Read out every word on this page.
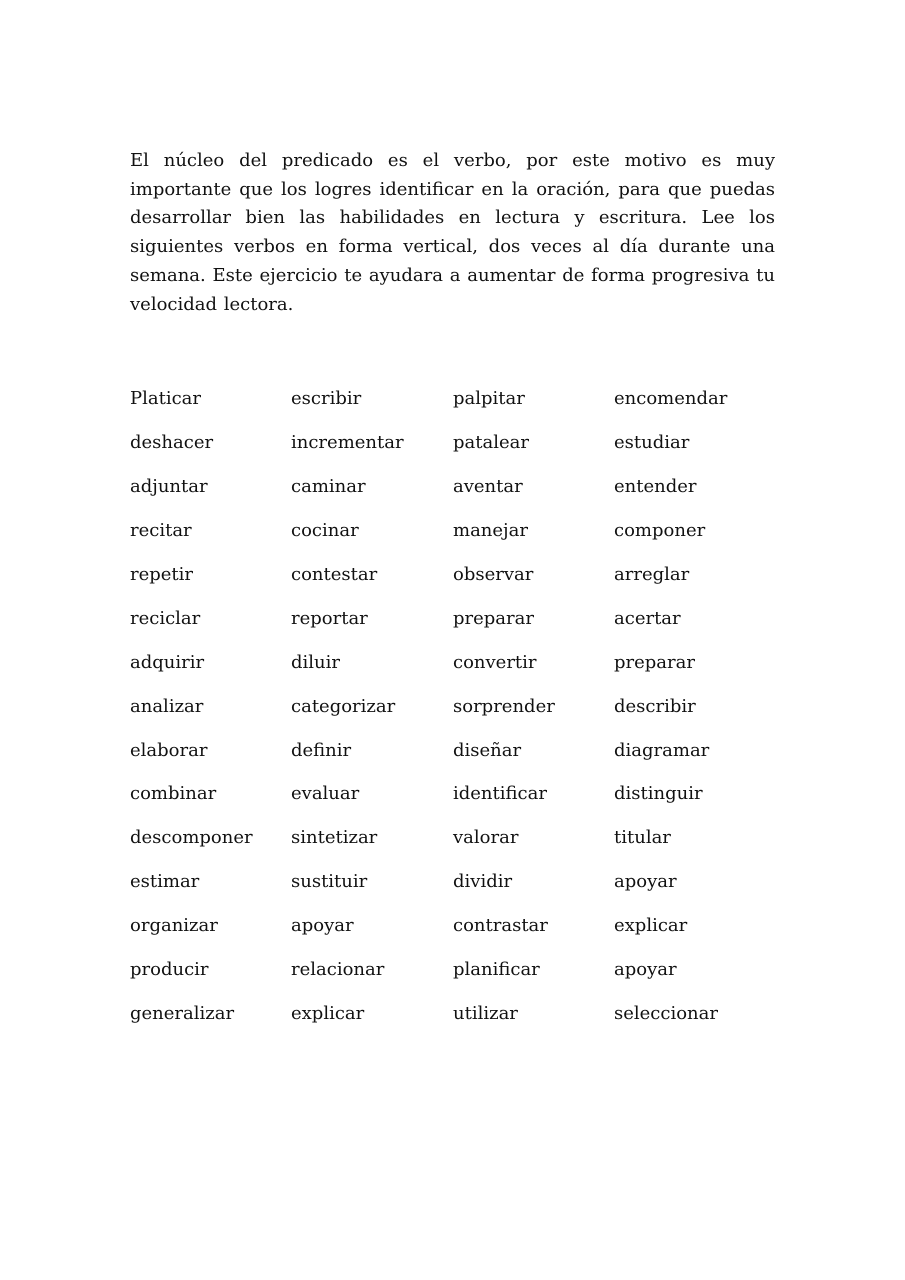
El núcleo del predicado es el verbo, por este motivo es muy importante que los logres identificar en la oración, para que puedas desarrollar bien las habilidades en lectura y escritura. Lee los siguientes verbos en forma vertical, dos veces al día durante una semana. Este ejercicio te ayudara a aumentar de forma progresiva tu velocidad lectora.

Platicar	escribir	palpitar	encomendar
deshacer	incrementar	patalear	estudiar
adjuntar	caminar	aventar	entender
recitar	cocinar	manejar	componer
repetir	contestar	observar	arreglar
reciclar	reportar	preparar	acertar
adquirir	diluir	convertir	preparar
analizar	categorizar	sorprender	describir
elaborar	definir	diseñar	diagramar
combinar	evaluar	identificar	distinguir
descomponer	sintetizar	valorar	titular
estimar	sustituir	dividir	apoyar
organizar	apoyar	contrastar	explicar
producir	relacionar	planificar	apoyar
generalizar	explicar	utilizar	seleccionar
